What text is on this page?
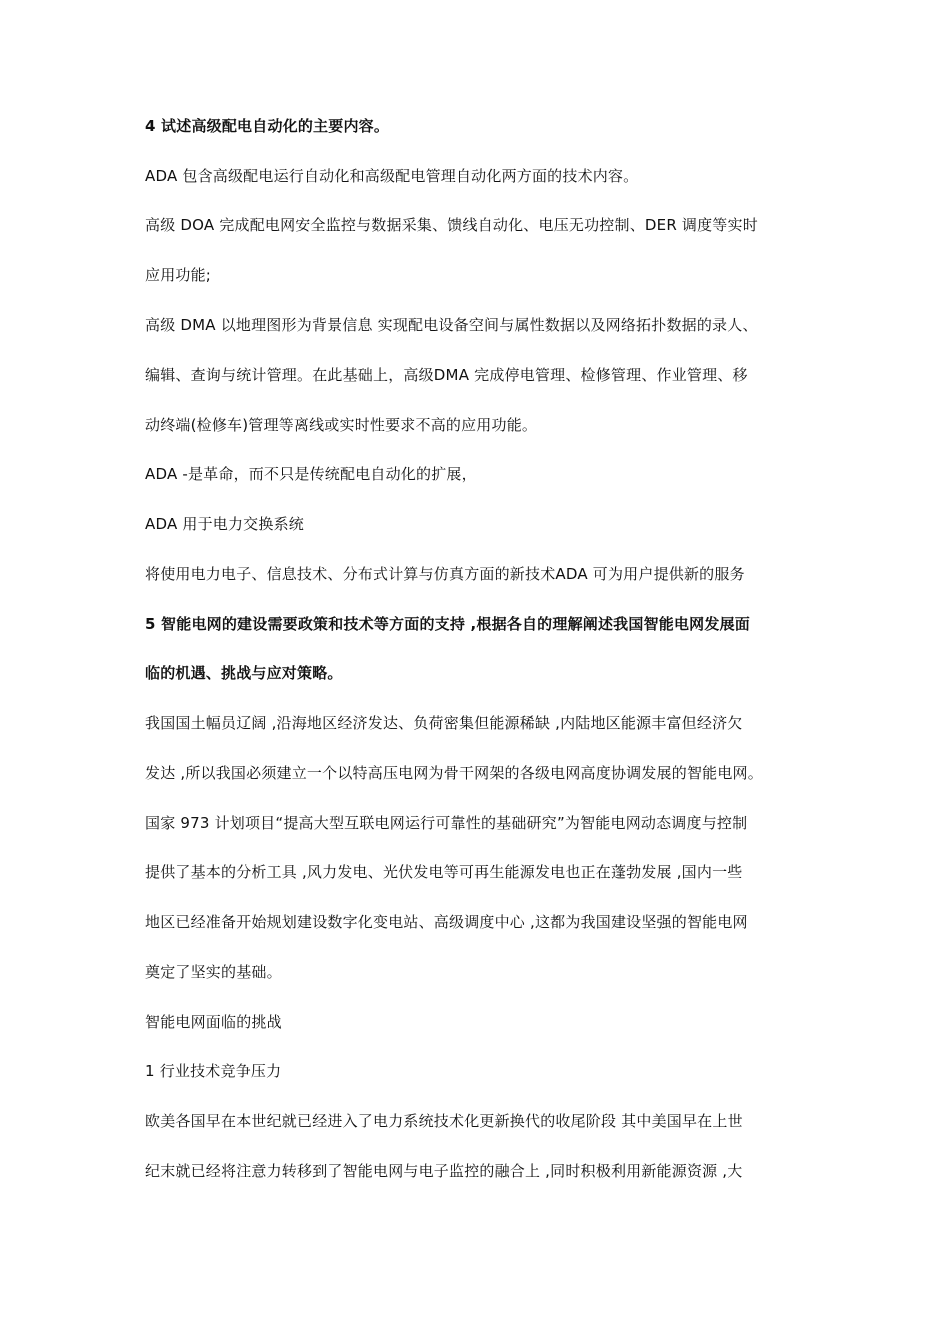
4 试述高级配电自动化的主要内容。
ADA 包含高级配电运行自动化和高级配电管理自动化两方面的技术内容。
高级 DOA 完成配电网安全监控与数据采集、馈线自动化、电压无功控制、DER 调度等实时
应用功能;
高级 DMA 以地理图形为背景信息 实现配电设备空间与属性数据以及网络拓扑数据的录人、
编辑、查询与统计管理。在此基础上，高级DMA 完成停电管理、检修管理、作业管理、移
动终端(检修车)管理等离线或实时性要求不高的应用功能。
ADA -是革命，而不只是传统配电自动化的扩展，
ADA 用于电力交换系统
将使用电力电子、信息技术、分布式计算与仿真方面的新技术ADA 可为用户提供新的服务
5 智能电网的建设需要政策和技术等方面的支持 ,根据各自的理解阐述我国智能电网发展面
临的机遇、挑战与应对策略。
我国国土幅员辽阔 ,沿海地区经济发达、负荷密集但能源稀缺 ,内陆地区能源丰富但经济欠
发达 ,所以我国必须建立一个以特高压电网为骨干网架的各级电网高度协调发展的智能电网。
国家 973 计划项目“提高大型互联电网运行可靠性的基础研究”为智能电网动态调度与控制
提供了基本的分析工具 ,风力发电、光伏发电等可再生能源发电也正在蓬勃发展 ,国内一些
地区已经准备开始规划建设数字化变电站、高级调度中心 ,这都为我国建设坚强的智能电网
奠定了坚实的基础。
智能电网面临的挑战
1 行业技术竞争压力
欧美各国早在本世纪就已经进入了电力系统技术化更新换代的收尾阶段 其中美国早在上世
纪末就已经将注意力转移到了智能电网与电子监控的融合上 ,同时积极利用新能源资源 ,大
